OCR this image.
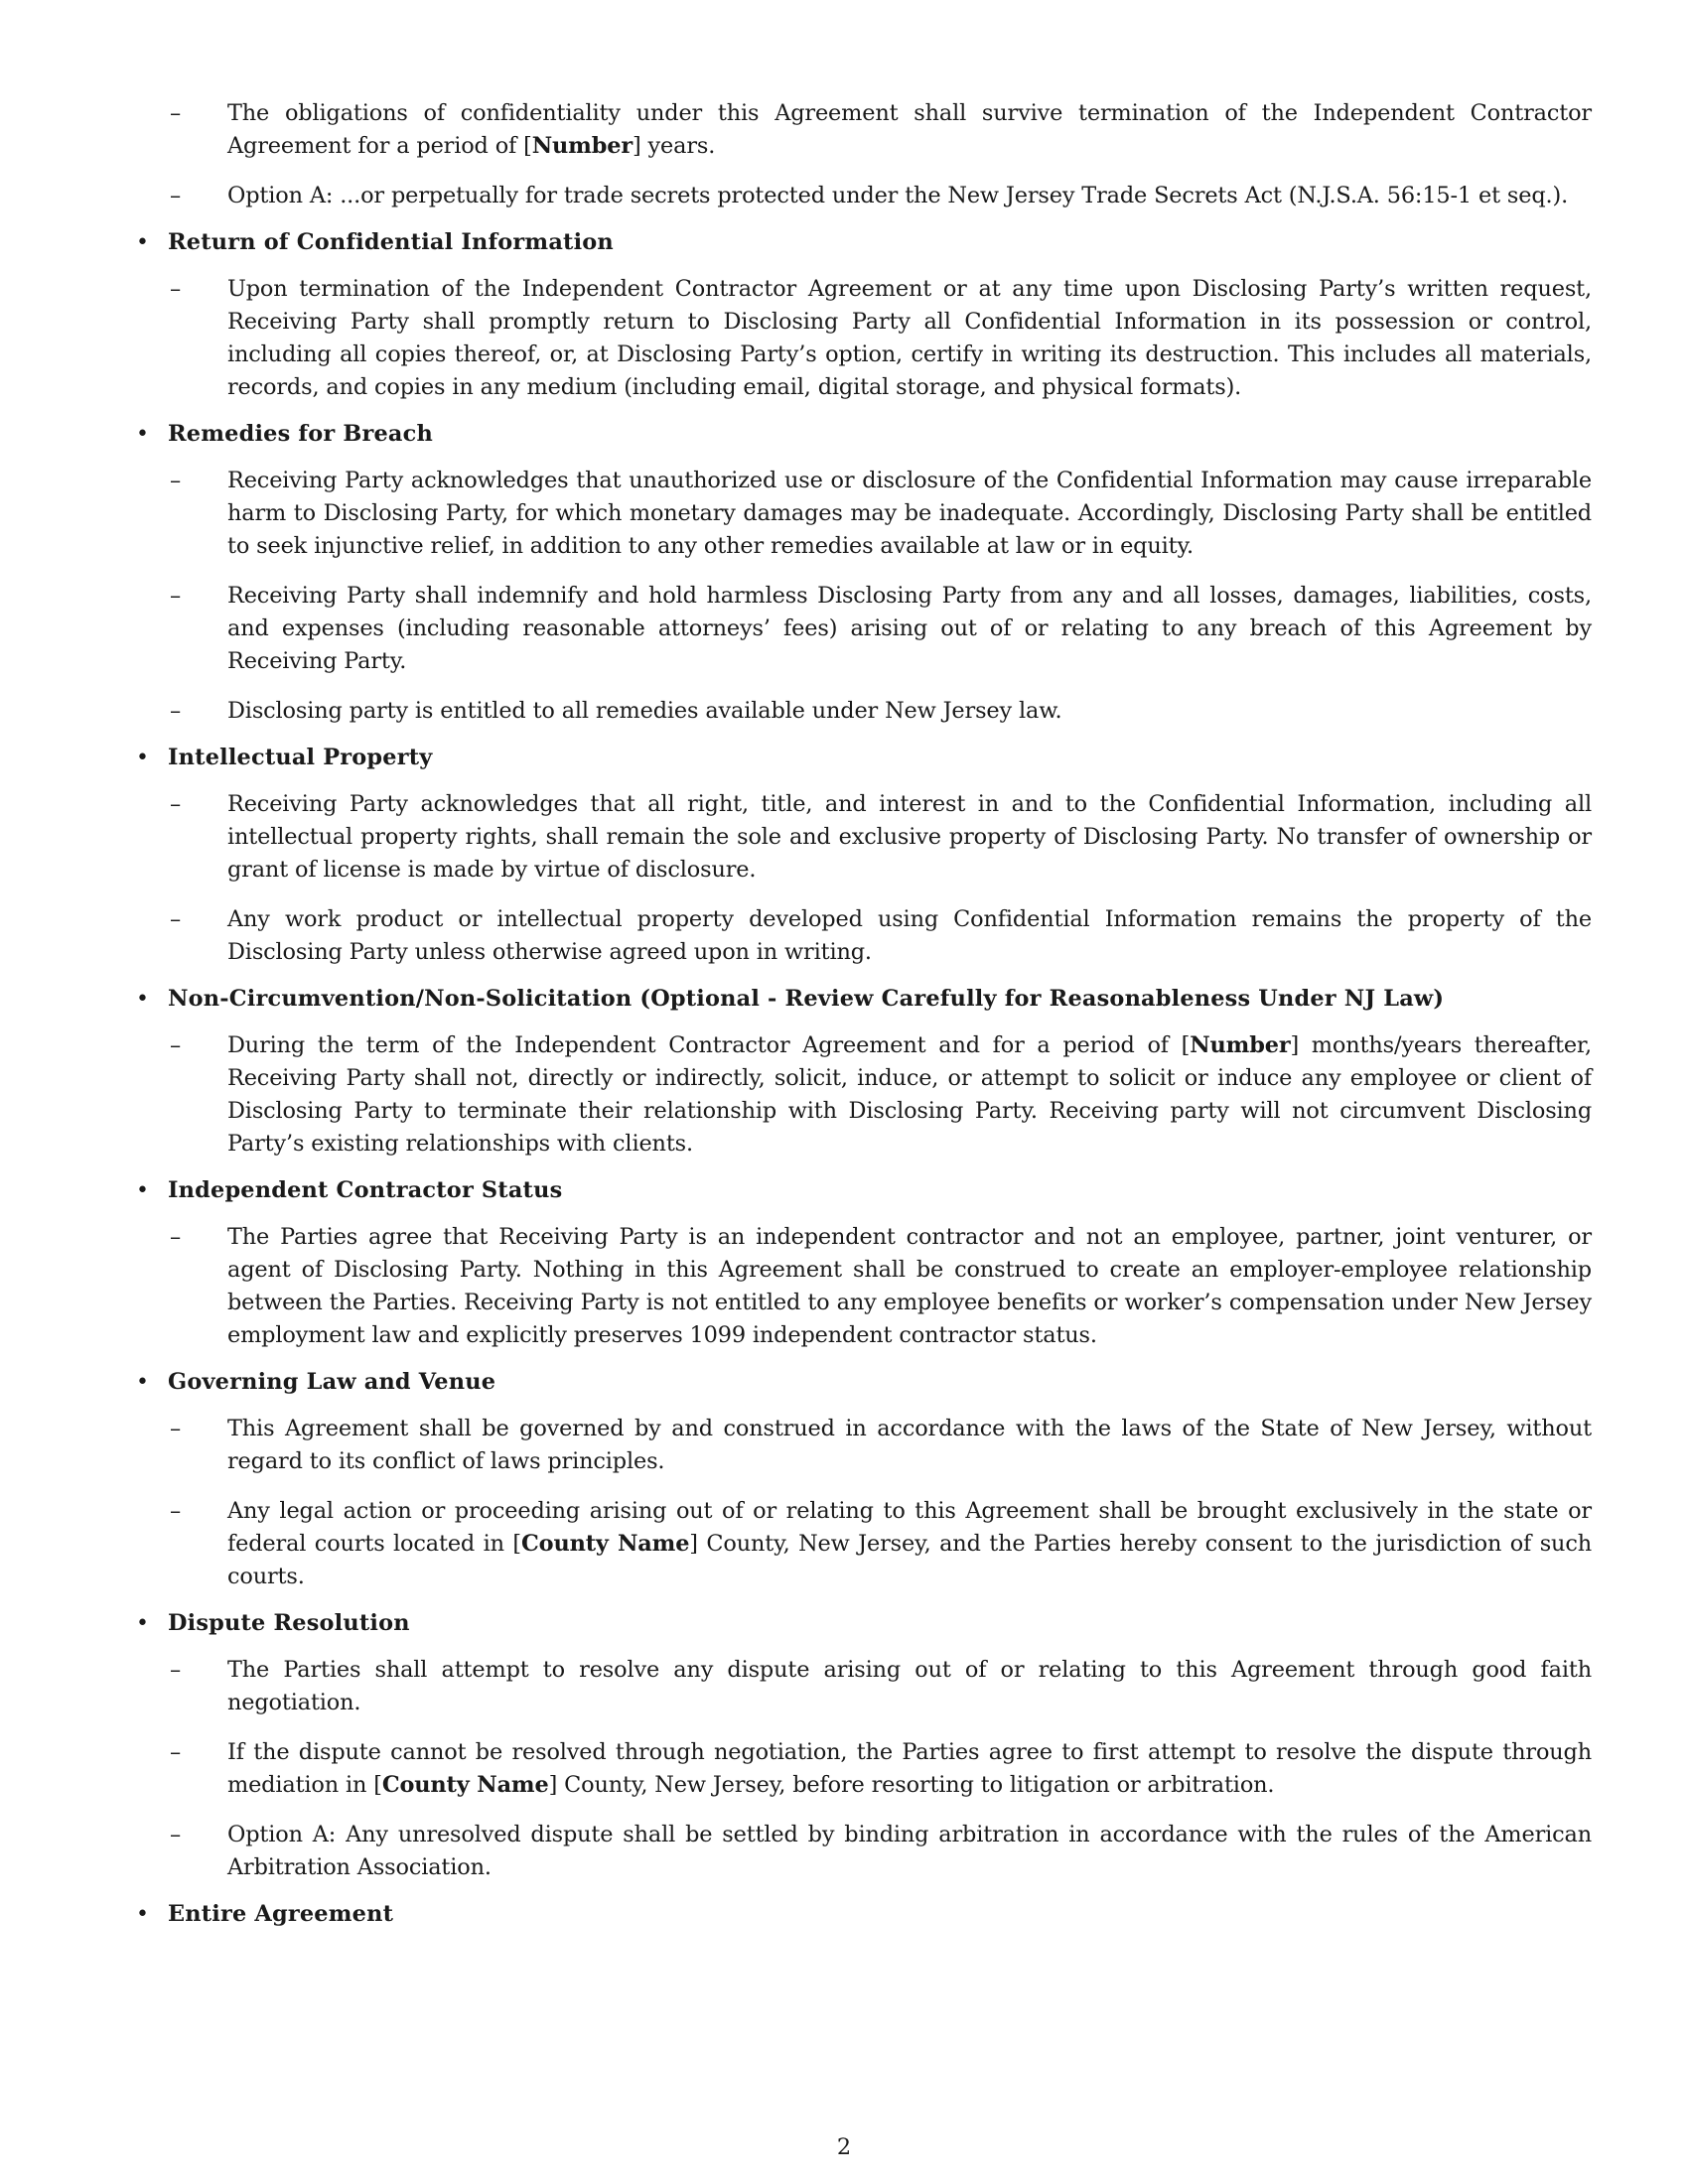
–	The obligations of confidentiality under this Agreement shall survive termination of the Independent Contractor Agreement for a period of [Number] years.
–	Option A: ...or perpetually for trade secrets protected under the New Jersey Trade Secrets Act (N.J.S.A. 56:15-1 et seq.).
• Return of Confidential Information
–	Upon termination of the Independent Contractor Agreement or at any time upon Disclosing Party’s written request, Receiving Party shall promptly return to Disclosing Party all Confidential Information in its possession or control, including all copies thereof, or, at Disclosing Party’s option, certify in writing its destruction. This includes all materials, records, and copies in any medium (including email, digital storage, and physical formats).
• Remedies for Breach
–	Receiving Party acknowledges that unauthorized use or disclosure of the Confidential Information may cause irreparable harm to Disclosing Party, for which monetary damages may be inadequate. Accordingly, Disclosing Party shall be entitled to seek injunctive relief, in addition to any other remedies available at law or in equity.
–	Receiving Party shall indemnify and hold harmless Disclosing Party from any and all losses, damages, liabilities, costs, and expenses (including reasonable attorneys’ fees) arising out of or relating to any breach of this Agreement by Receiving Party.
–	Disclosing party is entitled to all remedies available under New Jersey law.
• Intellectual Property
–	Receiving Party acknowledges that all right, title, and interest in and to the Confidential Information, including all intellectual property rights, shall remain the sole and exclusive property of Disclosing Party. No transfer of ownership or grant of license is made by virtue of disclosure.
–	Any work product or intellectual property developed using Confidential Information remains the property of the Disclosing Party unless otherwise agreed upon in writing.
• Non-Circumvention/Non-Solicitation (Optional - Review Carefully for Reasonableness Under NJ Law)
–	During the term of the Independent Contractor Agreement and for a period of [Number] months/years thereafter, Receiving Party shall not, directly or indirectly, solicit, induce, or attempt to solicit or induce any employee or client of Disclosing Party to terminate their relationship with Disclosing Party. Receiving party will not circumvent Disclosing Party’s existing relationships with clients.
• Independent Contractor Status
–	The Parties agree that Receiving Party is an independent contractor and not an employee, partner, joint venturer, or agent of Disclosing Party. Nothing in this Agreement shall be construed to create an employer-employee relationship between the Parties. Receiving Party is not entitled to any employee benefits or worker’s compensation under New Jersey employment law and explicitly preserves 1099 independent contractor status.
• Governing Law and Venue
–	This Agreement shall be governed by and construed in accordance with the laws of the State of New Jersey, without regard to its conflict of laws principles.
–	Any legal action or proceeding arising out of or relating to this Agreement shall be brought exclusively in the state or federal courts located in [County Name] County, New Jersey, and the Parties hereby consent to the jurisdiction of such courts.
• Dispute Resolution
–	The Parties shall attempt to resolve any dispute arising out of or relating to this Agreement through good faith negotiation.
–	If the dispute cannot be resolved through negotiation, the Parties agree to first attempt to resolve the dispute through mediation in [County Name] County, New Jersey, before resorting to litigation or arbitration.
–	Option A: Any unresolved dispute shall be settled by binding arbitration in accordance with the rules of the American Arbitration Association.
• Entire Agreement
2
